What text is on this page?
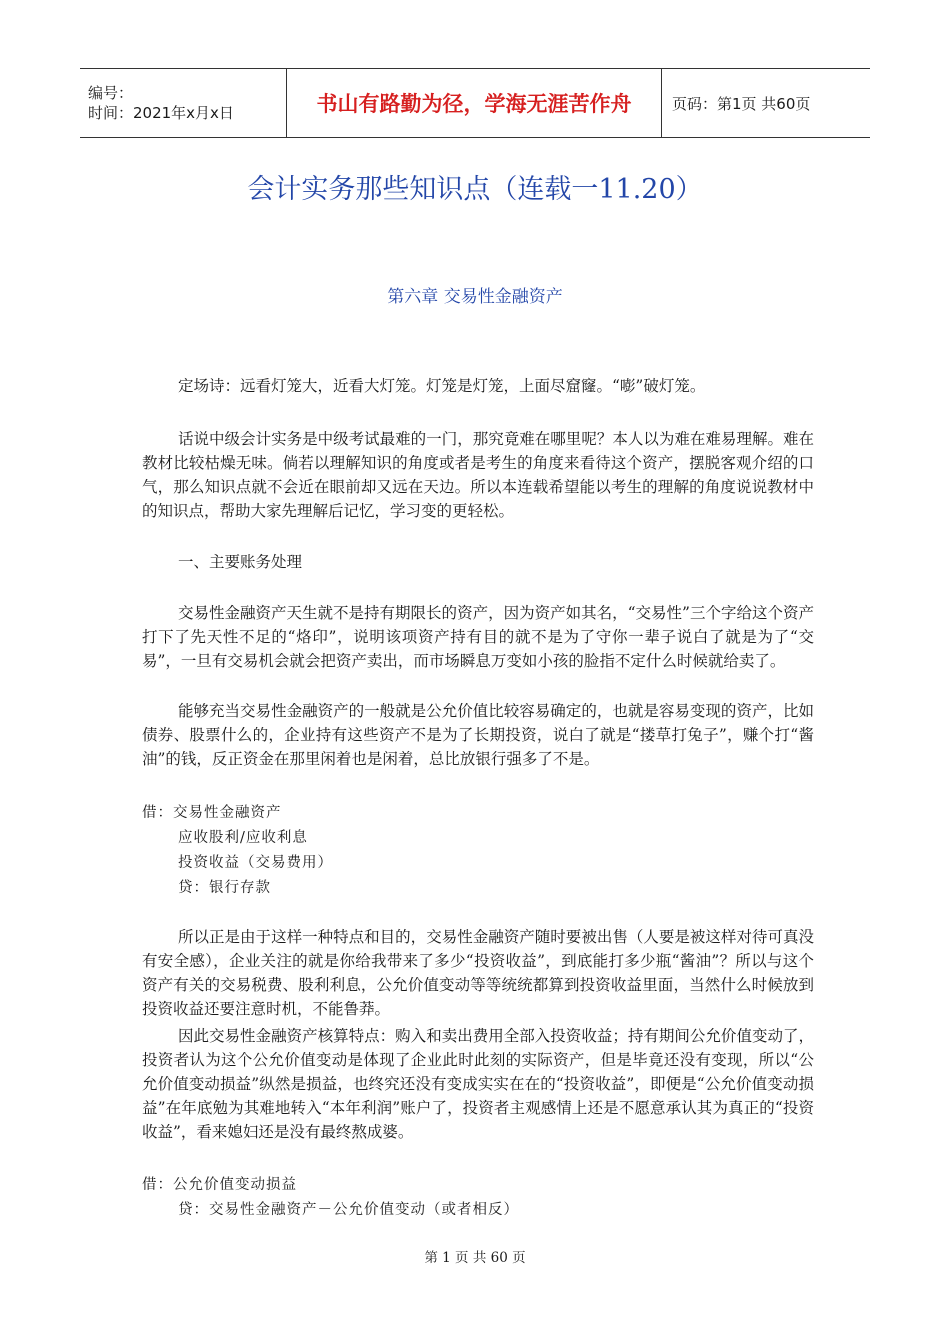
编号：
时间：2021年x月x日	书山有路勤为径，学海无涯苦作舟	页码：第1页 共60页
会计实务那些知识点（连载一11.20）
第六章 交易性金融资产

定场诗：远看灯笼大，近看大灯笼。灯笼是灯笼，上面尽窟窿。“嘭”破灯笼。

话说中级会计实务是中级考试最难的一门，那究竟难在哪里呢？本人以为难在难易理解。难在教材比较枯燥无味。倘若以理解知识的角度或者是考生的角度来看待这个资产，摆脱客观介绍的口气，那么知识点就不会近在眼前却又远在天边。所以本连载希望能以考生的理解的角度说说教材中的知识点，帮助大家先理解后记忆，学习变的更轻松。

一、主要账务处理

交易性金融资产天生就不是持有期限长的资产，因为资产如其名，“交易性”三个字给这个资产打下了先天性不足的“烙印”，说明该项资产持有目的就不是为了守你一辈子说白了就是为了“交易”，一旦有交易机会就会把资产卖出，而市场瞬息万变如小孩的脸指不定什么时候就给卖了。

能够充当交易性金融资产的一般就是公允价值比较容易确定的，也就是容易变现的资产，比如债券、股票什么的，企业持有这些资产不是为了长期投资，说白了就是“搂草打兔子”，赚个打“酱油”的钱，反正资金在那里闲着也是闲着，总比放银行强多了不是。

借：交易性金融资产
应收股利/应收利息
投资收益（交易费用）
贷：银行存款

所以正是由于这样一种特点和目的，交易性金融资产随时要被出售（人要是被这样对待可真没有安全感），企业关注的就是你给我带来了多少“投资收益”，到底能打多少瓶“酱油”？所以与这个资产有关的交易税费、股利利息，公允价值变动等等统统都算到投资收益里面，当然什么时候放到投资收益还要注意时机，不能鲁莽。

因此交易性金融资产核算特点：购入和卖出费用全部入投资收益；持有期间公允价值变动了，投资者认为这个公允价值变动是体现了企业此时此刻的实际资产，但是毕竟还没有变现，所以“公允价值变动损益”纵然是损益，也终究还没有变成实实在在的“投资收益”，即便是“公允价值变动损益”在年底勉为其难地转入“本年利润”账户了，投资者主观感情上还是不愿意承认其为真正的“投资收益”，看来媳妇还是没有最终熬成婆。

借：公允价值变动损益
贷：交易性金融资产－公允价值变动（或者相反）
第 1 页 共 60 页
